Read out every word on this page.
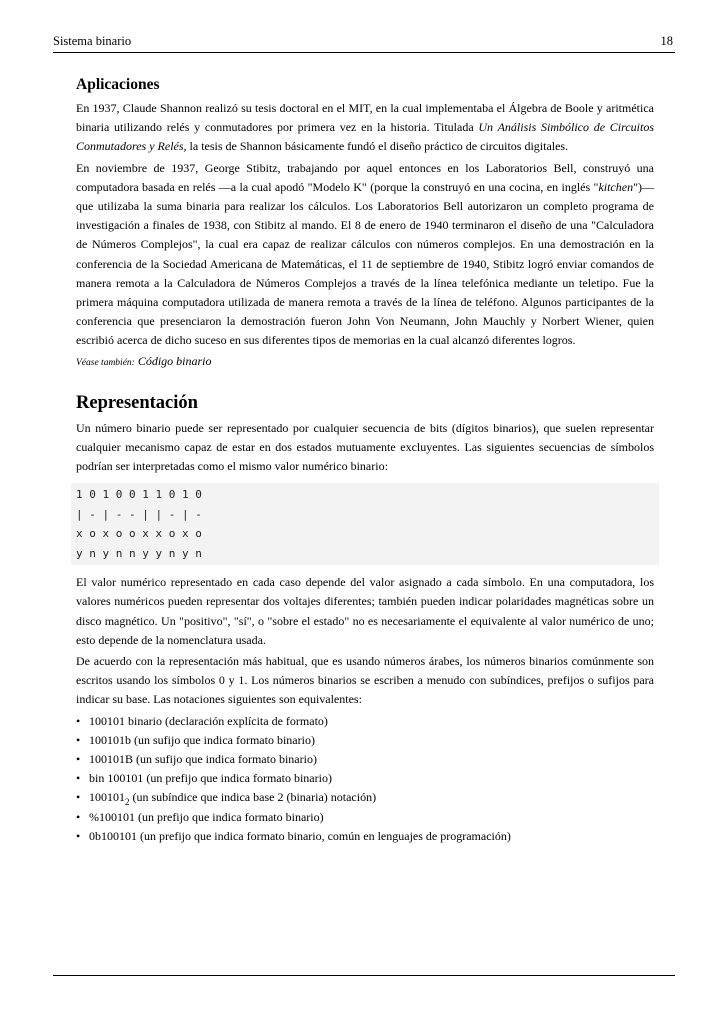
Sistema binario	18
Aplicaciones

En 1937, Claude Shannon realizó su tesis doctoral en el MIT, en la cual implementaba el Álgebra de Boole y aritmética binaria utilizando relés y conmutadores por primera vez en la historia. Titulada Un Análisis Simbólico de Circuitos Conmutadores y Relés, la tesis de Shannon básicamente fundó el diseño práctico de circuitos digitales.

En noviembre de 1937, George Stibitz, trabajando por aquel entonces en los Laboratorios Bell, construyó una computadora basada en relés —a la cual apodó "Modelo K" (porque la construyó en una cocina, en inglés "kitchen")— que utilizaba la suma binaria para realizar los cálculos. Los Laboratorios Bell autorizaron un completo programa de investigación a finales de 1938, con Stibitz al mando. El 8 de enero de 1940 terminaron el diseño de una "Calculadora de Números Complejos", la cual era capaz de realizar cálculos con números complejos. En una demostración en la conferencia de la Sociedad Americana de Matemáticas, el 11 de septiembre de 1940, Stibitz logró enviar comandos de manera remota a la Calculadora de Números Complejos a través de la línea telefónica mediante un teletipo. Fue la primera máquina computadora utilizada de manera remota a través de la línea de teléfono. Algunos participantes de la conferencia que presenciaron la demostración fueron John Von Neumann, John Mauchly y Norbert Wiener, quien escribió acerca de dicho suceso en sus diferentes tipos de memorias en la cual alcanzó diferentes logros.

Véase también: Código binario
Representación

Un número binario puede ser representado por cualquier secuencia de bits (dígitos binarios), que suelen representar cualquier mecanismo capaz de estar en dos estados mutuamente excluyentes. Las siguientes secuencias de símbolos podrían ser interpretadas como el mismo valor numérico binario:

1 0 1 0 0 1 1 0 1 0
| - | - - | | - | -
x o x o o x x o x o
y n y n n y y n y n

El valor numérico representado en cada caso depende del valor asignado a cada símbolo. En una computadora, los valores numéricos pueden representar dos voltajes diferentes; también pueden indicar polaridades magnéticas sobre un disco magnético. Un "positivo", "sí", o "sobre el estado" no es necesariamente el equivalente al valor numérico de uno; esto depende de la nomenclatura usada.

De acuerdo con la representación más habitual, que es usando números árabes, los números binarios comúnmente son escritos usando los símbolos 0 y 1. Los números binarios se escriben a menudo con subíndices, prefijos o sufijos para indicar su base. Las notaciones siguientes son equivalentes:

• 100101 binario (declaración explícita de formato)
• 100101b (un sufijo que indica formato binario)
• 100101B (un sufijo que indica formato binario)
• bin 100101 (un prefijo que indica formato binario)
• $100101_2$ (un subíndice que indica base 2 (binaria) notación)
• %100101 (un prefijo que indica formato binario)
• 0b100101 (un prefijo que indica formato binario, común en lenguajes de programación)
